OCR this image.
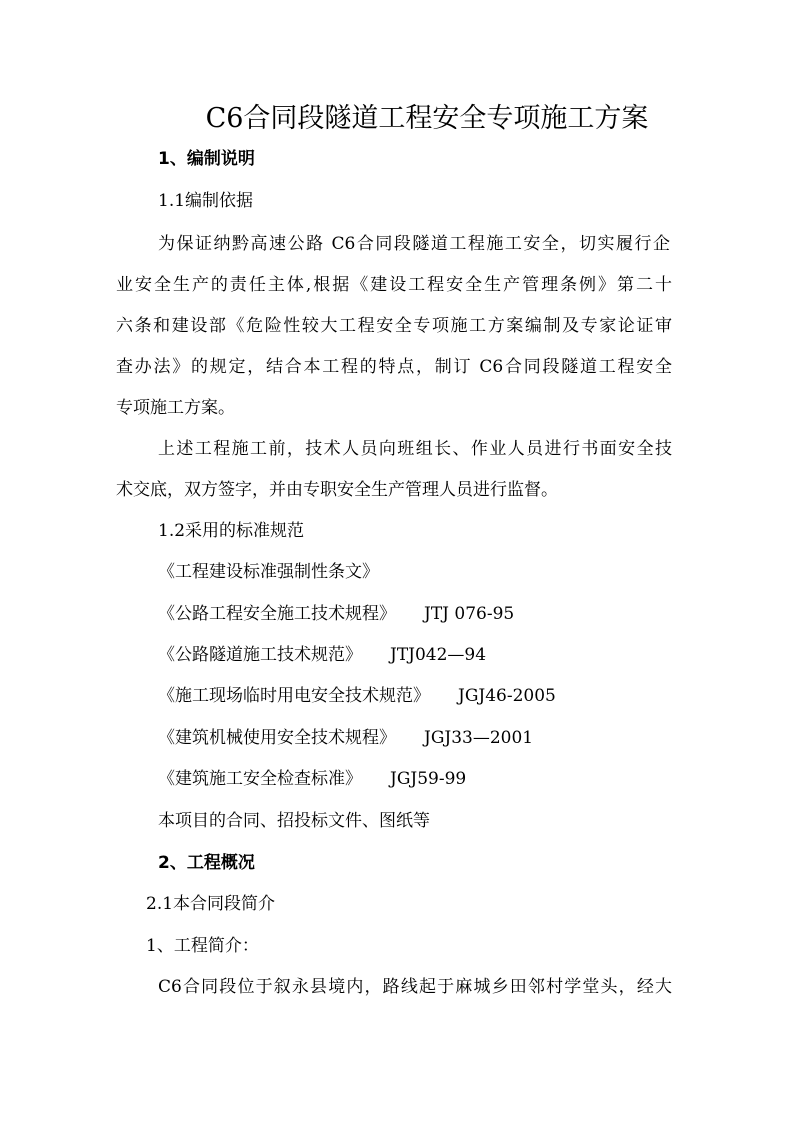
C6合同段隧道工程安全专项施工方案
1、编制说明
1.1编制依据
为保证纳黔高速公路 C6合同段隧道工程施工安全，切实履行企
业安全生产的责任主体,根据《建设工程安全生产管理条例》第二十
六条和建设部《危险性较大工程安全专项施工方案编制及专家论证审
查办法》的规定，结合本工程的特点，制订 C6合同段隧道工程安全
专项施工方案。
上述工程施工前，技术人员向班组长、作业人员进行书面安全技
术交底，双方签字，并由专职安全生产管理人员进行监督。
1.2采用的标准规范
《工程建设标准强制性条文》
《公路工程安全施工技术规程》 JTJ 076-95
《公路隧道施工技术规范》 JTJ042—94
《施工现场临时用电安全技术规范》 JGJ46-2005
《建筑机械使用安全技术规程》 JGJ33—2001
《建筑施工安全检查标准》 JGJ59-99
本项目的合同、招投标文件、图纸等
2、工程概况
2.1本合同段简介
1、工程简介：
C6合同段位于叙永县境内，路线起于麻城乡田邻村学堂头，经大
